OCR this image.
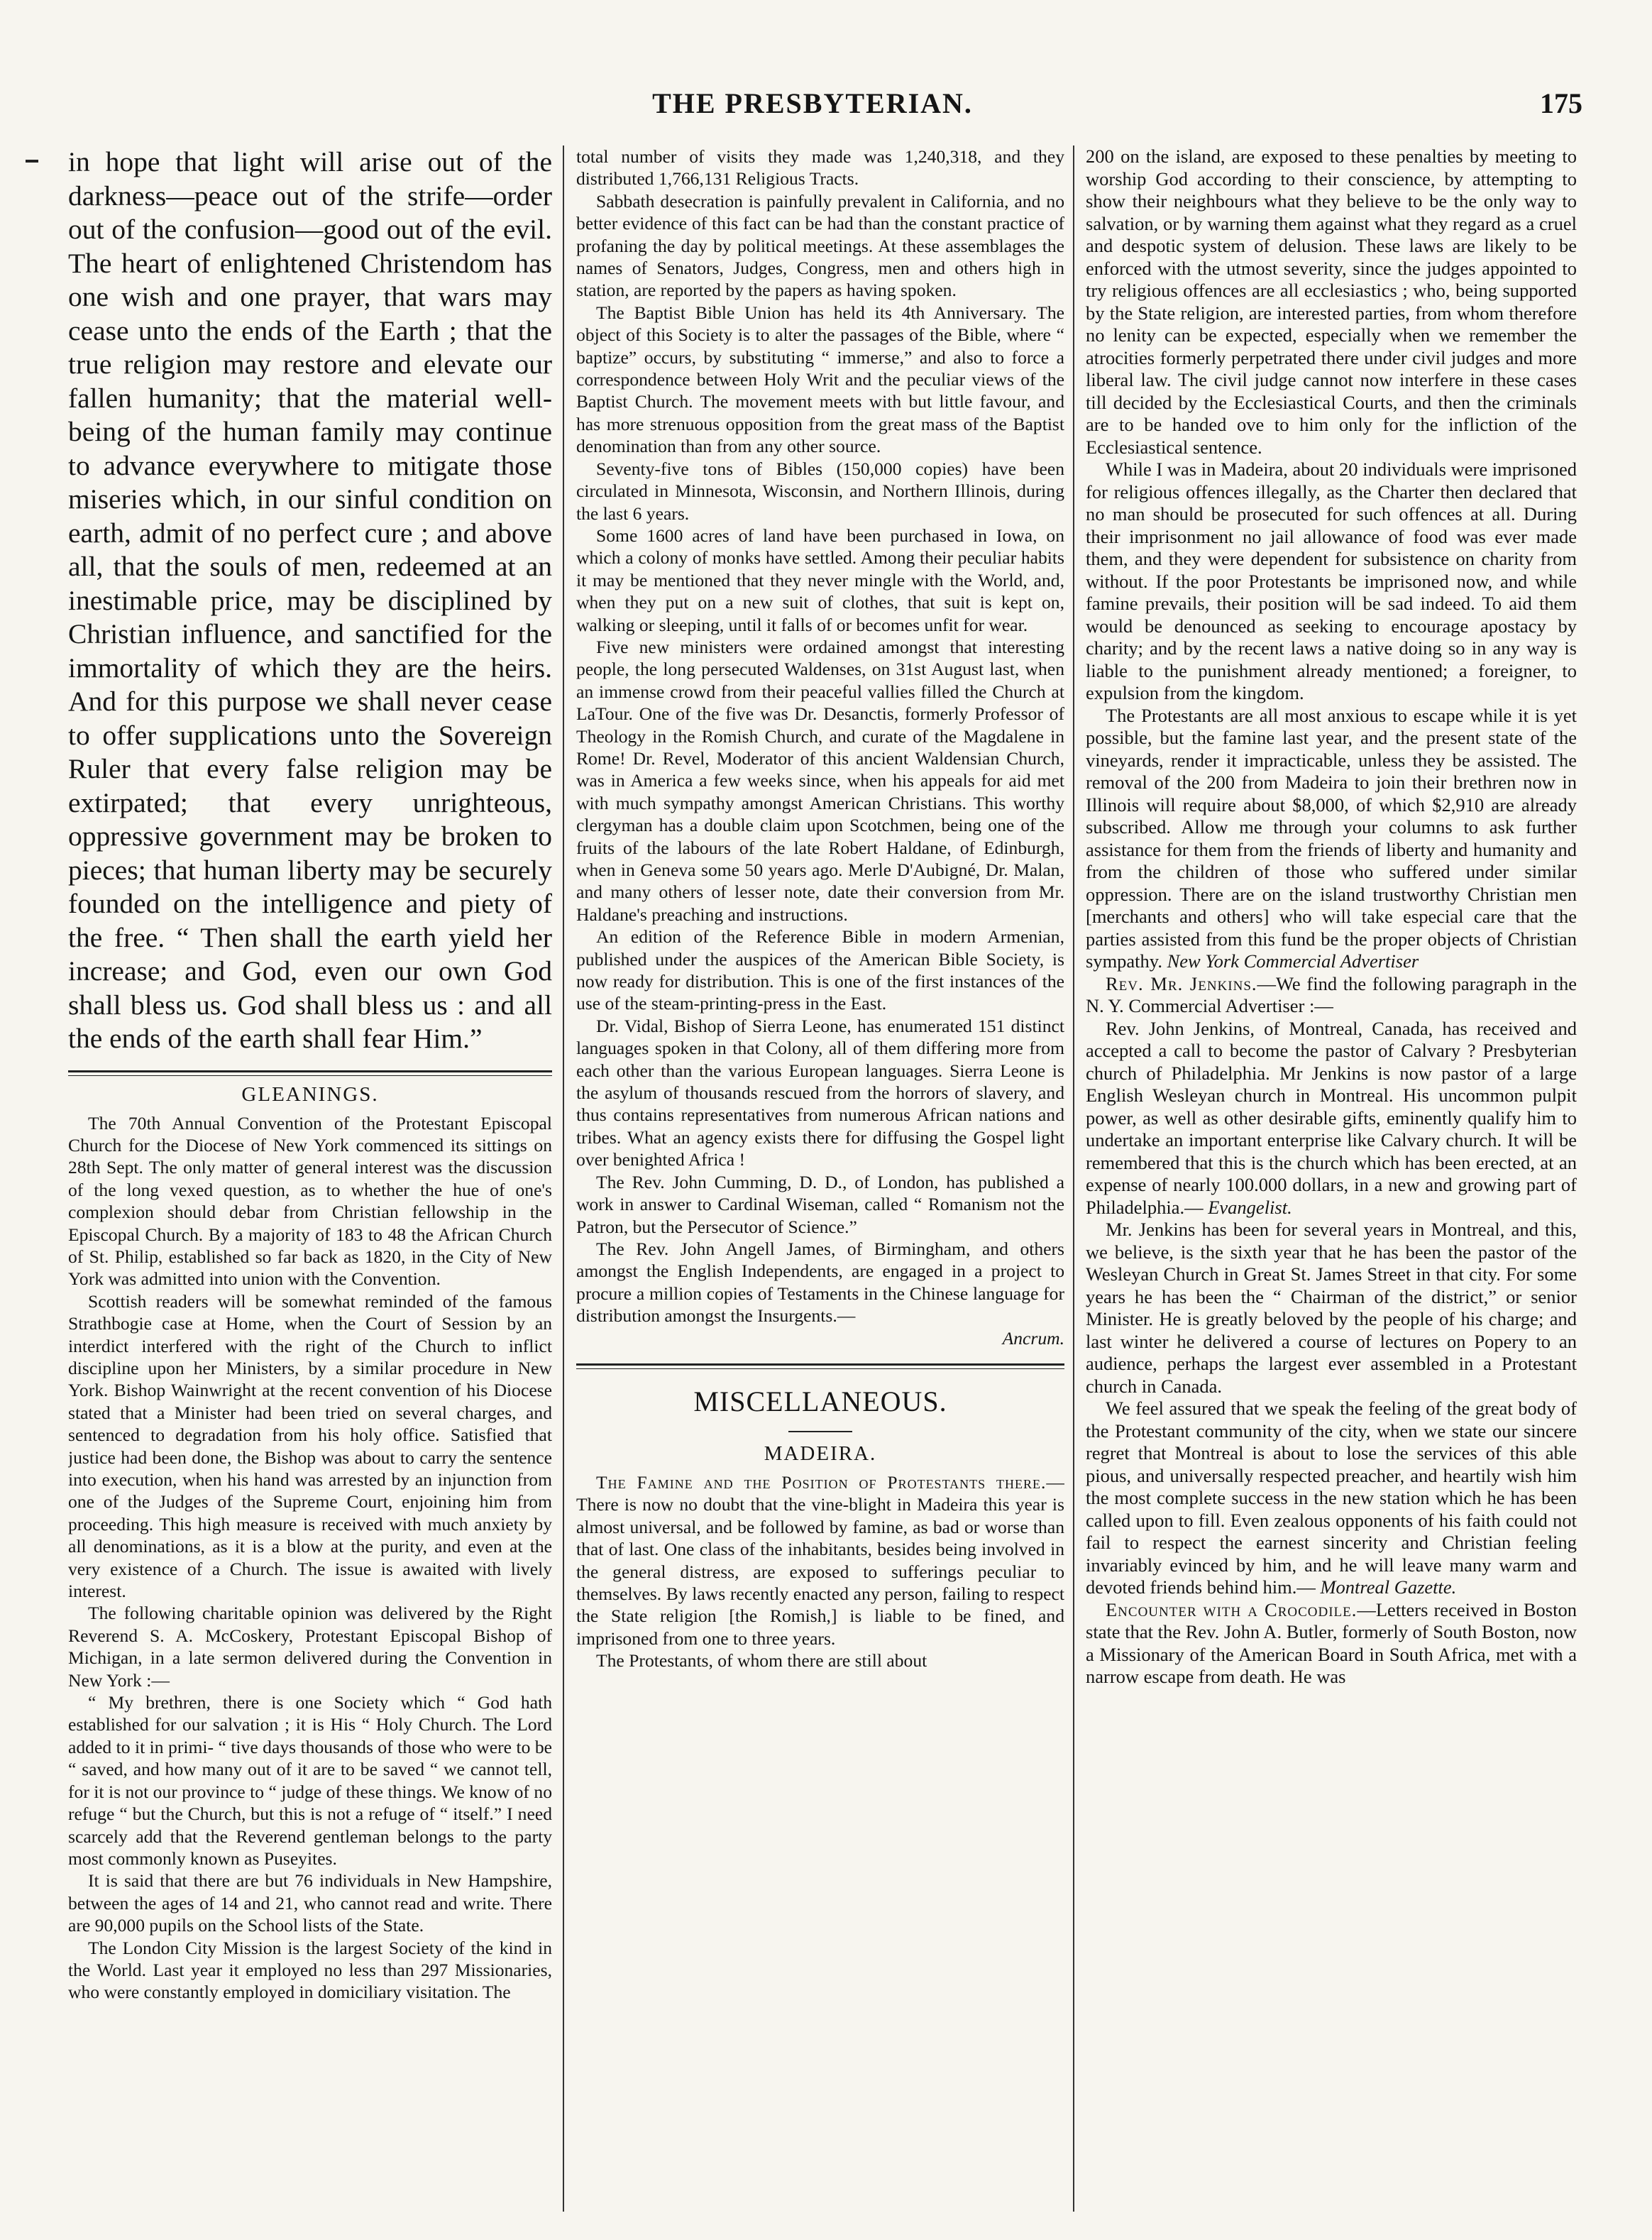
THE PRESBYTERIAN.	175

in hope that light will arise out of the darkness—peace out of the strife—order out of the confusion—good out of the evil. The heart of enlightened Christendom has one wish and one prayer, that wars may cease unto the ends of the Earth ; that the true religion may restore and elevate our fallen humanity; that the material well-being of the human family may continue to advance everywhere to mitigate those miseries which, in our sinful condition on earth, admit of no perfect cure ; and above all, that the souls of men, redeemed at an inestimable price, may be disciplined by Christian influence, and sanctified for the immortality of which they are the heirs. And for this purpose we shall never cease to offer supplications unto the Sovereign Ruler that every false religion may be extirpated; that every unrighteous, oppressive government may be broken to pieces; that human liberty may be securely founded on the intelligence and piety of the free. “ Then shall the earth yield her increase; and God, even our own God shall bless us. God shall bless us : and all the ends of the earth shall fear Him.”

GLEANINGS.

The 70th Annual Convention of the Protestant Episcopal Church for the Diocese of New York commenced its sittings on 28th Sept. The only matter of general interest was the discussion of the long vexed question, as to whether the hue of one's complexion should debar from Christian fellowship in the Episcopal Church. By a majority of 183 to 48 the African Church of St. Philip, established so far back as 1820, in the City of New York was admitted into union with the Convention.

Scottish readers will be somewhat reminded of the famous Strathbogie case at Home, when the Court of Session by an interdict interfered with the right of the Church to inflict discipline upon her Ministers, by a similar procedure in New York. Bishop Wainwright at the recent convention of his Diocese stated that a Minister had been tried on several charges, and sentenced to degradation from his holy office. Satisfied that justice had been done, the Bishop was about to carry the sentence into execution, when his hand was arrested by an injunction from one of the Judges of the Supreme Court, enjoining him from proceeding. This high measure is received with much anxiety by all denominations, as it is a blow at the purity, and even at the very existence of a Church. The issue is awaited with lively interest.

The following charitable opinion was delivered by the Right Reverend S. A. McCoskery, Protestant Episcopal Bishop of Michigan, in a late sermon delivered during the Convention in New York :—

“ My brethren, there is one Society which “ God hath established for our salvation ; it is His “ Holy Church. The Lord added to it in primi- “ tive days thousands of those who were to be “ saved, and how many out of it are to be saved “ we cannot tell, for it is not our province to “ judge of these things. We know of no refuge “ but the Church, but this is not a refuge of “ itself.” I need scarcely add that the Reverend gentleman belongs to the party most commonly known as Puseyites.

It is said that there are but 76 individuals in New Hampshire, between the ages of 14 and 21, who cannot read and write. There are 90,000 pupils on the School lists of the State.

The London City Mission is the largest Society of the kind in the World. Last year it employed no less than 297 Missionaries, who were constantly employed in domiciliary visitation. The

total number of visits they made was 1,240,318, and they distributed 1,766,131 Religious Tracts.

Sabbath desecration is painfully prevalent in California, and no better evidence of this fact can be had than the constant practice of profaning the day by political meetings. At these assemblages the names of Senators, Judges, Congress, men and others high in station, are reported by the papers as having spoken.

The Baptist Bible Union has held its 4th Anniversary. The object of this Society is to alter the passages of the Bible, where “ baptize” occurs, by substituting “ immerse,” and also to force a correspondence between Holy Writ and the peculiar views of the Baptist Church. The movement meets with but little favour, and has more strenuous opposition from the great mass of the Baptist denomination than from any other source.

Seventy-five tons of Bibles (150,000 copies) have been circulated in Minnesota, Wisconsin, and Northern Illinois, during the last 6 years.

Some 1600 acres of land have been purchased in Iowa, on which a colony of monks have settled. Among their peculiar habits it may be mentioned that they never mingle with the World, and, when they put on a new suit of clothes, that suit is kept on, walking or sleeping, until it falls of or becomes unfit for wear.

Five new ministers were ordained amongst that interesting people, the long persecuted Waldenses, on 31st August last, when an immense crowd from their peaceful vallies filled the Church at LaTour. One of the five was Dr. Desanctis, formerly Professor of Theology in the Romish Church, and curate of the Magdalene in Rome! Dr. Revel, Moderator of this ancient Waldensian Church, was in America a few weeks since, when his appeals for aid met with much sympathy amongst American Christians. This worthy clergyman has a double claim upon Scotchmen, being one of the fruits of the labours of the late Robert Haldane, of Edinburgh, when in Geneva some 50 years ago. Merle D'Aubigné, Dr. Malan, and many others of lesser note, date their conversion from Mr. Haldane's preaching and instructions.

An edition of the Reference Bible in modern Armenian, published under the auspices of the American Bible Society, is now ready for distribution. This is one of the first instances of the use of the steam-printing-press in the East.

Dr. Vidal, Bishop of Sierra Leone, has enumerated 151 distinct languages spoken in that Colony, all of them differing more from each other than the various European languages. Sierra Leone is the asylum of thousands rescued from the horrors of slavery, and thus contains representatives from numerous African nations and tribes. What an agency exists there for diffusing the Gospel light over benighted Africa !

The Rev. John Cumming, D. D., of London, has published a work in answer to Cardinal Wiseman, called “ Romanism not the Patron, but the Persecutor of Science.”

The Rev. John Angell James, of Birmingham, and others amongst the English Independents, are engaged in a project to procure a million copies of Testaments in the Chinese language for distribution amongst the Insurgents.—
Ancrum.

MISCELLANEOUS.
MADEIRA.

The Famine and the Position of Protestants there.—There is now no doubt that the vine-blight in Madeira this year is almost universal, and be followed by famine, as bad or worse than that of last. One class of the inhabitants, besides being involved in the general distress, are exposed to sufferings peculiar to themselves. By laws recently enacted any person, failing to respect the State religion [the Romish,] is liable to be fined, and imprisoned from one to three years.

The Protestants, of whom there are still about

200 on the island, are exposed to these penalties by meeting to worship God according to their conscience, by attempting to show their neighbours what they believe to be the only way to salvation, or by warning them against what they regard as a cruel and despotic system of delusion. These laws are likely to be enforced with the utmost severity, since the judges appointed to try religious offences are all ecclesiastics ; who, being supported by the State religion, are interested parties, from whom therefore no lenity can be expected, especially when we remember the atrocities formerly perpetrated there under civil judges and more liberal law. The civil judge cannot now interfere in these cases till decided by the Ecclesiastical Courts, and then the criminals are to be handed ove to him only for the infliction of the Ecclesiastical sentence.

While I was in Madeira, about 20 individuals were imprisoned for religious offences illegally, as the Charter then declared that no man should be prosecuted for such offences at all. During their imprisonment no jail allowance of food was ever made them, and they were dependent for subsistence on charity from without. If the poor Protestants be imprisoned now, and while famine prevails, their position will be sad indeed. To aid them would be denounced as seeking to encourage apostacy by charity; and by the recent laws a native doing so in any way is liable to the punishment already mentioned; a foreigner, to expulsion from the kingdom.

The Protestants are all most anxious to escape while it is yet possible, but the famine last year, and the present state of the vineyards, render it impracticable, unless they be assisted. The removal of the 200 from Madeira to join their brethren now in Illinois will require about $8,000, of which $2,910 are already subscribed. Allow me through your columns to ask further assistance for them from the friends of liberty and humanity and from the children of those who suffered under similar oppression. There are on the island trustworthy Christian men [merchants and others] who will take especial care that the parties assisted from this fund be the proper objects of Christian sympathy. New York Commercial Advertiser

Rev. Mr. Jenkins.—We find the following paragraph in the N. Y. Commercial Advertiser :—

Rev. John Jenkins, of Montreal, Canada, has received and accepted a call to become the pastor of Calvary ? Presbyterian church of Philadelphia. Mr Jenkins is now pastor of a large English Wesleyan church in Montreal. His uncommon pulpit power, as well as other desirable gifts, eminently qualify him to undertake an important enterprise like Calvary church. It will be remembered that this is the church which has been erected, at an expense of nearly 100.000 dollars, in a new and growing part of Philadelphia.— Evangelist.

Mr. Jenkins has been for several years in Montreal, and this, we believe, is the sixth year that he has been the pastor of the Wesleyan Church in Great St. James Street in that city. For some years he has been the “ Chairman of the district,” or senior Minister. He is greatly beloved by the people of his charge; and last winter he delivered a course of lectures on Popery to an audience, perhaps the largest ever assembled in a Protestant church in Canada.

We feel assured that we speak the feeling of the great body of the Protestant community of the city, when we state our sincere regret that Montreal is about to lose the services of this able pious, and universally respected preacher, and heartily wish him the most complete success in the new station which he has been called upon to fill. Even zealous opponents of his faith could not fail to respect the earnest sincerity and Christian feeling invariably evinced by him, and he will leave many warm and devoted friends behind him.— Montreal Gazette.

Encounter with a Crocodile.—Letters received in Boston state that the Rev. John A. Butler, formerly of South Boston, now a Missionary of the American Board in South Africa, met with a narrow escape from death. He was
